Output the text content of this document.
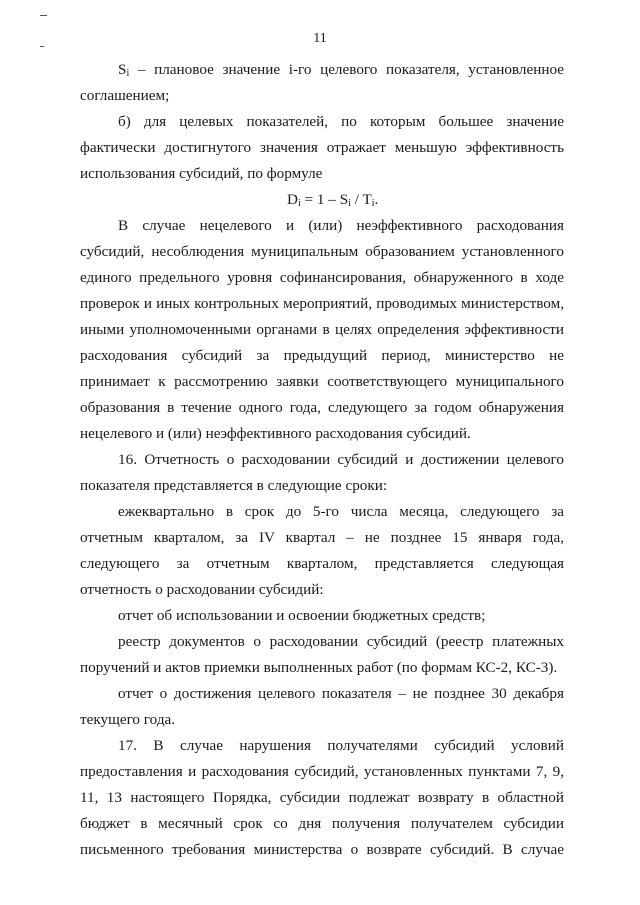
11

$S_i$ – плановое значение i-го целевого показателя, установленное соглашением;

б) для целевых показателей, по которым большее значение фактически достигнутого значения отражает меньшую эффективность использования субсидий, по формуле

$D_i = 1 - S_i / T_i$.

В случае нецелевого и (или) неэффективного расходования субсидий, несоблюдения муниципальным образованием установленного единого предельного уровня софинансирования, обнаруженного в ходе проверок и иных контрольных мероприятий, проводимых министерством, иными уполномоченными органами в целях определения эффективности расходования субсидий за предыдущий период, министерство не принимает к рассмотрению заявки соответствующего муниципального образования в течение одного года, следующего за годом обнаружения нецелевого и (или) неэффективного расходования субсидий.

16. Отчетность о расходовании субсидий и достижении целевого показателя представляется в следующие сроки:

ежеквартально в срок до 5-го числа месяца, следующего за отчетным кварталом, за IV квартал – не позднее 15 января года, следующего за отчетным кварталом, представляется следующая отчетность о расходовании субсидий:

отчет об использовании и освоении бюджетных средств;

реестр документов о расходовании субсидий (реестр платежных поручений и актов приемки выполненных работ (по формам КС-2, КС-3).

отчет о достижения целевого показателя – не позднее 30 декабря текущего года.

17. В случае нарушения получателями субсидий условий предоставления и расходования субсидий, установленных пунктами 7, 9, 11, 13 настоящего Порядка, субсидии подлежат возврату в областной бюджет в месячный срок со дня получения получателем субсидии письменного требования министерства о возврате субсидий. В случае
